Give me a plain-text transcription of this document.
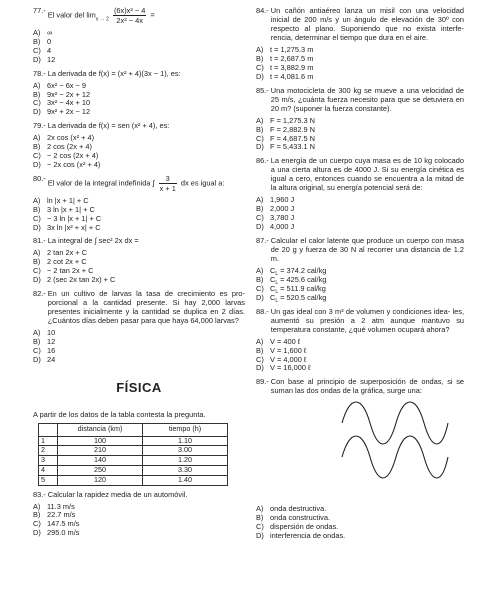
77.- El valor del $\lim_{x \to 2} \frac{\text{(6x)x² − 4}}{\text{2x² − 4x}}$ =
A) ∞
B) 0
C) 4
D) 12
78.- La derivada de f(x) = (x² + 4)(3x − 1), es:
A) 6x² − 6x − 9
B) 9x² − 2x + 12
C) 3x² − 4x + 10
D) 9x² + 2x − 12
79.- La derivada de f(x) = sen (x² + 4), es:
A) 2x cos (x² + 4)
B) 2 cos (2x + 4)
C) − 2 cos (2x + 4)
D) − 2x cos (x² + 4)
80.- El valor de la integral indefinida ∫ $\frac{3}{x + 1}$ dx es igual a:
A) ln |x + 1| + C
B) 3 ln |x + 1| + C
C) − 3 ln |x + 1| + C
D) 3x ln |x² + x| + C
81.- La integral de ∫ sec² 2x dx =
A) 2 tan 2x + C
B) 2 cot 2x + C
C) − 2 tan 2x + C
D) 2 (sec 2x tan 2x) + C
82.- En un cultivo de larvas la tasa de crecimiento es pro- porcional a la cantidad presente. Si hay 2,000 larvas presentes inicialmente y la cantidad se duplica en 2 días. ¿Cuántos días deben pasar para que haya 64,000 larvas?
A) 10
B) 12
C) 16
D) 24
FÍSICA
A partir de los datos de la tabla contesta la pregunta.
	distancia (km)	tiempo (h)
1	100	1.10
2	210	3.00
3	140	1.20
4	250	3.30
5	120	1.40
83.- Calcular la rapidez media de un automóvil.
A) 11.3 m/s
B) 22.7 m/s
C) 147.5 m/s
D) 295.0 m/s
84.- Un cañón antiaéreo lanza un misil con una velocidad inicial de 200 m/s y un ángulo de elevación de 30º con respecto al plano. Suponiendo que no exista interfe- rencia, determinar el tiempo que dura en el aire.
A) t = 1,275.3 m
B) t = 2,687.5 m
C) t = 3,882.9 m
D) t = 4,081.6 m
85.- Una motocicleta de 300 kg se mueve a una velocidad de 25 m/s, ¿cuánta fuerza necesito para que se detuviera en 20 m? (suponer la fuerza constante).
A) F = 1,275.3 N
B) F = 2,882.9 N
C) F = 4,687.5 N
D) F = 5,433.1 N
86.- La energía de un cuerpo cuya masa es de 10 kg colocado a una cierta altura es de 4000 J. Si su energía cinética es igual a cero, entonces cuando se encuentra a la mitad de la altura original, su energía potencial será de:
A) 1,960 J
B) 2,000 J
C) 3,780 J
D) 4,000 J
87.- Calcular el calor latente que produce un cuerpo con masa de 20 g y fuerza de 30 N al recorrer una distancia de 1.2 m.
A) $C_L = 374.2$ cal/kg
B) $C_L = 425.6$ cal/kg
C) $C_L = 511.9$ cal/kg
D) $C_L = 520.5$ cal/kg
88.- Un gas ideal con 3 m³ de volumen y condiciones idea- les, aumentó su presión a 2 atm aunque mantuvo su temperatura constante, ¿qué volumen ocupará ahora?
A) V = 400 ℓ
B) V = 1,600 ℓ
C) V = 4,000 ℓ
D) V = 16,000 ℓ
89.- Con base al principio de superposición de ondas, si se suman las dos ondas de la gráfica, surge una:
A) onda destructiva.
B) onda constructiva.
C) dispersión de ondas.
D) interferencia de ondas.
